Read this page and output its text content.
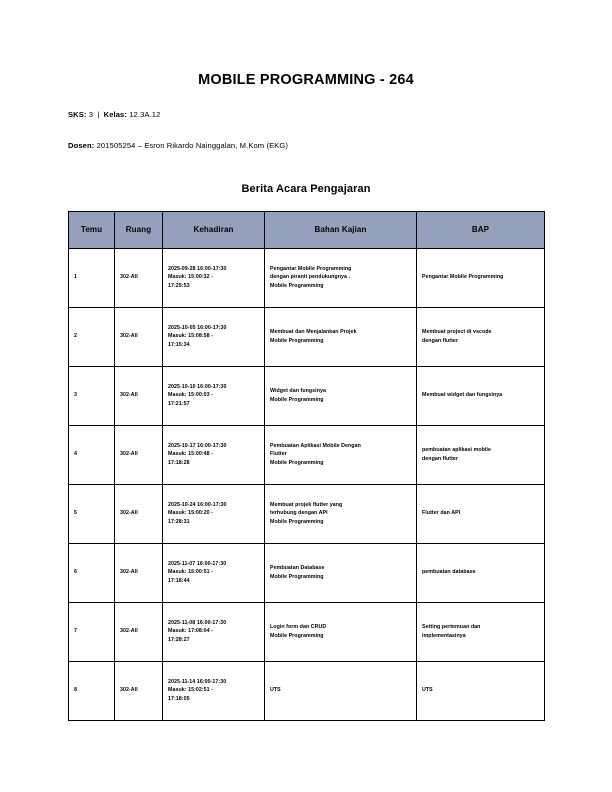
MOBILE PROGRAMMING - 264
SKS: 3 | Kelas: 12.3A.12
Dosen: 201505254 – Esron Rikardo Nainggalan, M.Kom (EKG)
Berita Acara Pengajaran
Temu	Ruang	Kehadiran	Bahan Kajian	BAP
1	302-All	2025-09-28 16:00-17:30
Masuk: 15:00:32 -
17:25:53	Pengantar Mobile Programming
dengan piranti pendukungnya .
Mobile Programming	Pengantar Mobile Programming

2	302-All	2025-10-05 16:00-17:30
Masuk: 15:08:58 -
17:15:34	Membuat dan Menjalankan Projek
Mobile Programming	Membuat project di vscode
dengan flutter

3	302-All	2025-10-10 16:00-17:30
Masuk: 15:00:03 -
17:21:57	Widget dan fungsinya
Mobile Programming	Membuat widget dan fungsinya

4	302-All	2025-10-17 16:00-17:30
Masuk: 15:00:48 -
17:18:28	Pembuatan Aplikasi Mobile Dengan
Flutter
Mobile Programming	pembuatan aplikasi mobile
dengan flutter

5	302-All	2025-10-24 16:00-17:30
Masuk: 15:00:20 -
17:28:31	Membuat projek flutter yang
terhubung dengan API
Mobile Programming	Flutter dan API

6	302-All	2025-11-07 16:00-17:30
Masuk: 15:00:51 -
17:18:44	Pembuatan Database
Mobile Programming	pembuatan database

7	302-All	2025-11-08 16:00-17:30
Masuk: 17:08:04 -
17:28:27	Login form dan CRUD
Mobile Programming	Setting pertemuan dan
implementasinya

8	302-All	2025-11-14 16:00-17:30
Masuk: 15:02:51 -
17:18:05	UTS	UTS
